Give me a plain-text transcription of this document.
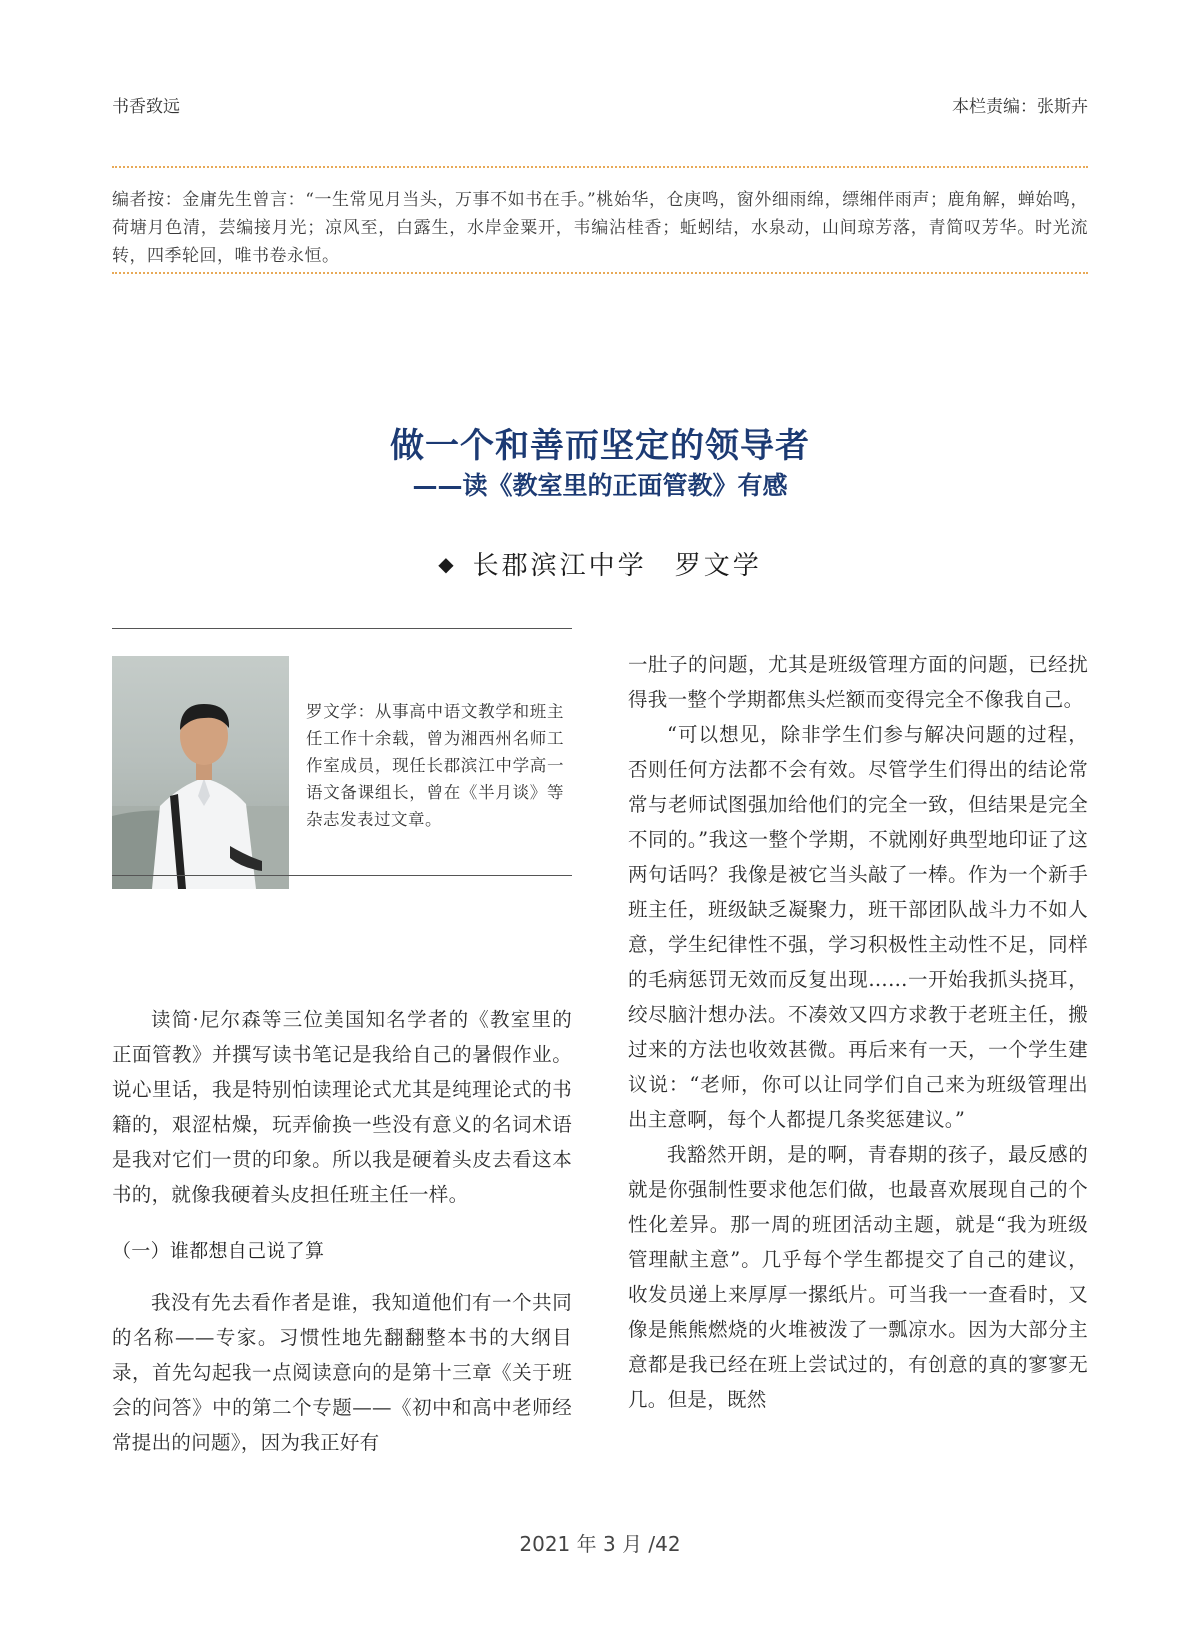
书香致远	本栏责编：张斯卉
编者按：金庸先生曾言：“一生常见月当头，万事不如书在手。”桃始华，仓庚鸣，窗外细雨绵，缥缃伴雨声；鹿角解，蝉始鸣，荷塘月色清，芸编接月光；凉风至，白露生，水岸金粟开，韦编沾桂香；蚯蚓结，水泉动，山间琼芳落，青简叹芳华。时光流转，四季轮回，唯书卷永恒。
做一个和善而坚定的领导者
——读《教室里的正面管教》有感
◆ 长郡滨江中学 罗文学
罗文学：从事高中语文教学和班主任工作十余载，曾为湘西州名师工作室成员，现任长郡滨江中学高一语文备课组长，曾在《半月谈》等杂志发表过文章。

读简·尼尔森等三位美国知名学者的《教室里的正面管教》并撰写读书笔记是我给自己的暑假作业。说心里话，我是特别怕读理论式尤其是纯理论式的书籍的，艰涩枯燥，玩弄偷换一些没有意义的名词术语是我对它们一贯的印象。所以我是硬着头皮去看这本书的，就像我硬着头皮担任班主任一样。

（一）谁都想自己说了算

我没有先去看作者是谁，我知道他们有一个共同的名称——专家。习惯性地先翻翻整本书的大纲目录，首先勾起我一点阅读意向的是第十三章《关于班会的问答》中的第二个专题——《初中和高中老师经常提出的问题》，因为我正好有

一肚子的问题，尤其是班级管理方面的问题，已经扰得我一整个学期都焦头烂额而变得完全不像我自己。

“可以想见，除非学生们参与解决问题的过程，否则任何方法都不会有效。尽管学生们得出的结论常常与老师试图强加给他们的完全一致，但结果是完全不同的。”我这一整个学期，不就刚好典型地印证了这两句话吗？我像是被它当头敲了一棒。作为一个新手班主任，班级缺乏凝聚力，班干部团队战斗力不如人意，学生纪律性不强，学习积极性主动性不足，同样的毛病惩罚无效而反复出现……一开始我抓头挠耳，绞尽脑汁想办法。不凑效又四方求教于老班主任，搬过来的方法也收效甚微。再后来有一天，一个学生建议说：“老师，你可以让同学们自己来为班级管理出出主意啊，每个人都提几条奖惩建议。”

我豁然开朗，是的啊，青春期的孩子，最反感的就是你强制性要求他怎们做，也最喜欢展现自己的个性化差异。那一周的班团活动主题，就是“我为班级管理献主意”。几乎每个学生都提交了自己的建议，收发员递上来厚厚一摞纸片。可当我一一查看时，又像是熊熊燃烧的火堆被泼了一瓢凉水。因为大部分主意都是我已经在班上尝试过的，有创意的真的寥寥无几。但是，既然

2021 年 3 月 /42
